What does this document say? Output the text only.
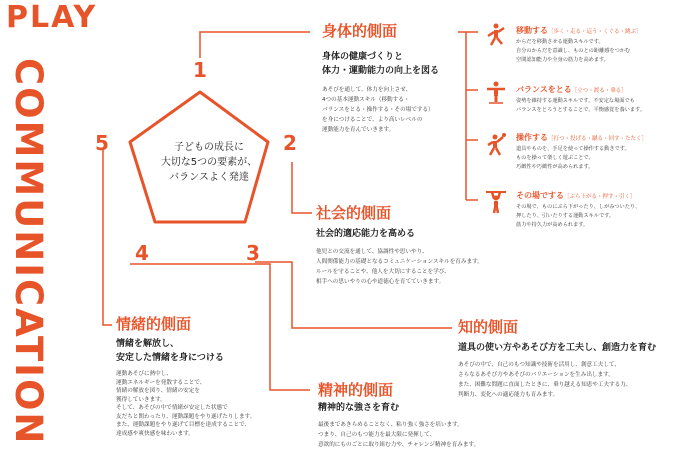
PLAY
COMMUNICATION	1
2
3
4
5	子どもの成長に
大切な5つの要素が、
バランスよく発達
身体的側面
身体の健康づくりと
体力・運動能力の向上を図る
あそびを通して、体力を向上させ、
4つの基本運動スキル（移動する・
バランスをとる・操作する・その場でする）
を身につけることで、より高いレベルの
運動能力を育んでいきます。
移動する［歩く・走る・這う・くぐる・跳ぶ］
からだを移動させる運動スキルです。
自分のからだを意識し、ものとの距離感をつかむ
空間認知能力や全身の筋力を高めます。
バランスをとる［立つ・渡る・乗る］
姿勢を維持する運動スキルです。不安定な場面でも
バランスをとろうとすることで、平衡感覚を養います。
操作する［打つ・投げる・蹴る・回す・たたく］
道具やものを、手足を使って操作する動きです。
ものを操って楽しく遊ぶことで、
巧緻性や巧緻性が高められます。
その場でする［ぶら下がる・押す・引く］
その場で、ものにぶら下がったり、しがみついたり、
押したり、引いたりする運動スキルです。
筋力や持久力が高められます。
社会的側面
社会的適応能力を高める
他児との交流を通して、協調性や思いやり、
人間関係能力の基礎となるコミュニケーションスキルを育みます。
ルールを守ることや、他人を大切にすることを学び、
相手への思いやりの心や道徳心を育てていきます。
知的側面
道具の使い方やあそび方を工夫し、創造力を育む
あそびの中で、自己のもつ知識や技術を活用し、創意工夫して、
さらなるあそび方やあそびのバリエーションを生み出します。
また、困難な問題に直面したときに、乗り越える知恵や工夫する力、
判断力、変化への適応能力も育みます。
精神的側面
精神的な強さを育む
最後まであきらめることなく、粘り強く強さを培います。
つまり、自己のもつ能力を最大限に発揮して、
意欲的にものごとに取り組む力や、チャレンジ精神を育みます。
情緒的側面
情緒を解放し、
安定した情緒を身につける
運動あそびに熱中し、
運動エネルギーを発散することで、
情緒の解放を図り、情緒の安定を
獲得していきます。
そして、あそびの中で情緒が安定した状態で
友だちと関わったり、運動課題をやり遂げたりします。
また、運動課題をやり遂げて目標を達成することで、
達成感や爽快感を味わいます。
